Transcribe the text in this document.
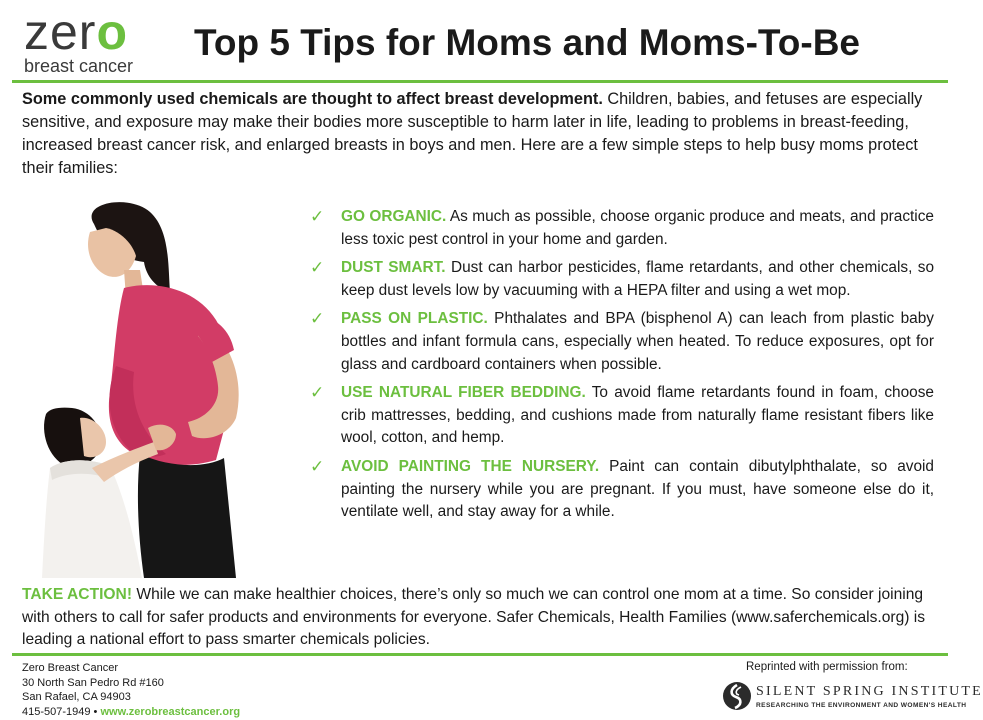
zero
breast cancer
Top 5 Tips for Moms and Moms-To-Be

Some commonly used chemicals are thought to affect breast development. Children, babies, and fetuses are especially sensitive, and exposure may make their bodies more susceptible to harm later in life, leading to problems in breast-feeding, increased breast cancer risk, and enlarged breasts in boys and men. Here are a few simple steps to help busy moms protect their families:

✓ GO ORGANIC. As much as possible, choose organic produce and meats, and practice less toxic pest control in your home and garden.
✓ DUST SMART. Dust can harbor pesticides, flame retardants, and other chemicals, so keep dust levels low by vacuuming with a HEPA filter and using a wet mop.
✓ PASS ON PLASTIC. Phthalates and BPA (bisphenol A) can leach from plastic baby bottles and infant formula cans, especially when heated. To reduce exposures, opt for glass and cardboard containers when possible.
✓ USE NATURAL FIBER BEDDING. To avoid flame retardants found in foam, choose crib mattresses, bedding, and cushions made from naturally flame resistant fibers like wool, cotton, and hemp.
✓ AVOID PAINTING THE NURSERY. Paint can contain dibutylphthalate, so avoid painting the nursery while you are pregnant. If you must, have someone else do it, ventilate well, and stay away for a while.

TAKE ACTION! While we can make healthier choices, there’s only so much we can control one mom at a time. So consider joining with others to call for safer products and environments for everyone. Safer Chemicals, Health Families (www.saferchemicals.org) is leading a national effort to pass smarter chemicals policies.

Zero Breast Cancer
30 North San Pedro Rd #160
San Rafael, CA 94903
415-507-1949 • www.zerobreastcancer.org
Reprinted with permission from:
SILENT SPRING INSTITUTE
RESEARCHING THE ENVIRONMENT AND WOMEN'S HEALTH
